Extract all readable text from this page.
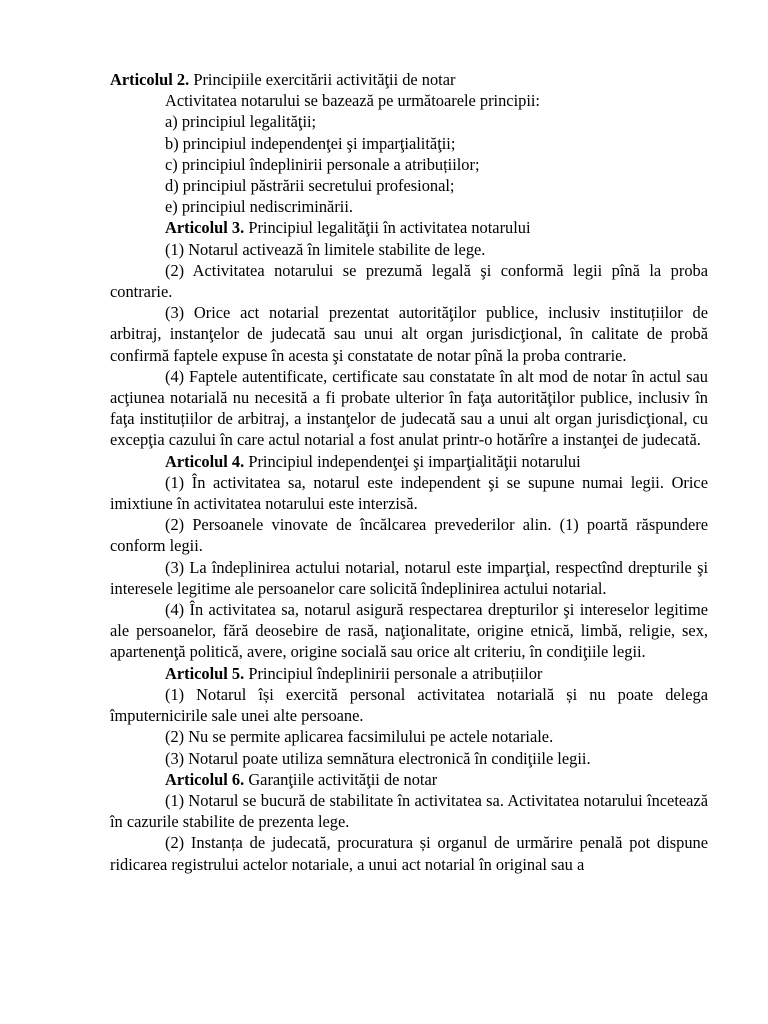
Articolul 2. Principiile exercitării activităţii de notar

Activitatea notarului se bazează pe următoarele principii:

a) principiul legalităţii;

b) principiul independenţei şi imparţialităţii;

c) principiul îndeplinirii personale a atribuțiilor;

d) principiul păstrării secretului profesional;

e) principiul nediscriminării.

Articolul 3. Principiul legalităţii în activitatea notarului

(1) Notarul activează în limitele stabilite de lege.

(2) Activitatea notarului se prezumă legală şi conformă legii pînă la proba contrarie.

(3) Orice act notarial prezentat autorităţilor publice, inclusiv instituțiilor de arbitraj, instanţelor de judecată sau unui alt organ jurisdicţional, în calitate de probă confirmă faptele expuse în acesta şi constatate de notar pînă la proba contrarie.

(4) Faptele autentificate, certificate sau constatate în alt mod de notar în actul sau acţiunea notarială nu necesită a fi probate ulterior în faţa autorităţilor publice, inclusiv în faţa instituțiilor de arbitraj, a instanţelor de judecată sau a unui alt organ jurisdicţional, cu excepţia cazului în care actul notarial a fost anulat printr-o hotărîre a instanţei de judecată.

Articolul 4. Principiul independenţei şi imparţialităţii notarului

(1) În activitatea sa, notarul este independent şi se supune numai legii. Orice imixtiune în activitatea notarului este interzisă.

(2) Persoanele vinovate de încălcarea prevederilor alin. (1) poartă răspundere conform legii.

(3) La îndeplinirea actului notarial, notarul este imparţial, respectînd drepturile şi interesele legitime ale persoanelor care solicită îndeplinirea actului notarial.

(4) În activitatea sa, notarul asigură respectarea drepturilor şi intereselor legitime ale persoanelor, fără deosebire de rasă, naţionalitate, origine etnică, limbă, religie, sex, apartenenţă politică, avere, origine socială sau orice alt criteriu, în condiţiile legii.

Articolul 5. Principiul îndeplinirii personale a atribuțiilor

(1) Notarul își exercită personal activitatea notarială și nu poate delega împuternicirile sale unei alte persoane.

(2) Nu se permite aplicarea facsimilului pe actele notariale.

(3) Notarul poate utiliza semnătura electronică în condiţiile legii.

Articolul 6. Garanţiile activităţii de notar

(1) Notarul se bucură de stabilitate în activitatea sa. Activitatea notarului încetează în cazurile stabilite de prezenta lege.

(2) Instanța de judecată, procuratura și organul de urmărire penală pot dispune ridicarea registrului actelor notariale, a unui act notarial în original sau a
